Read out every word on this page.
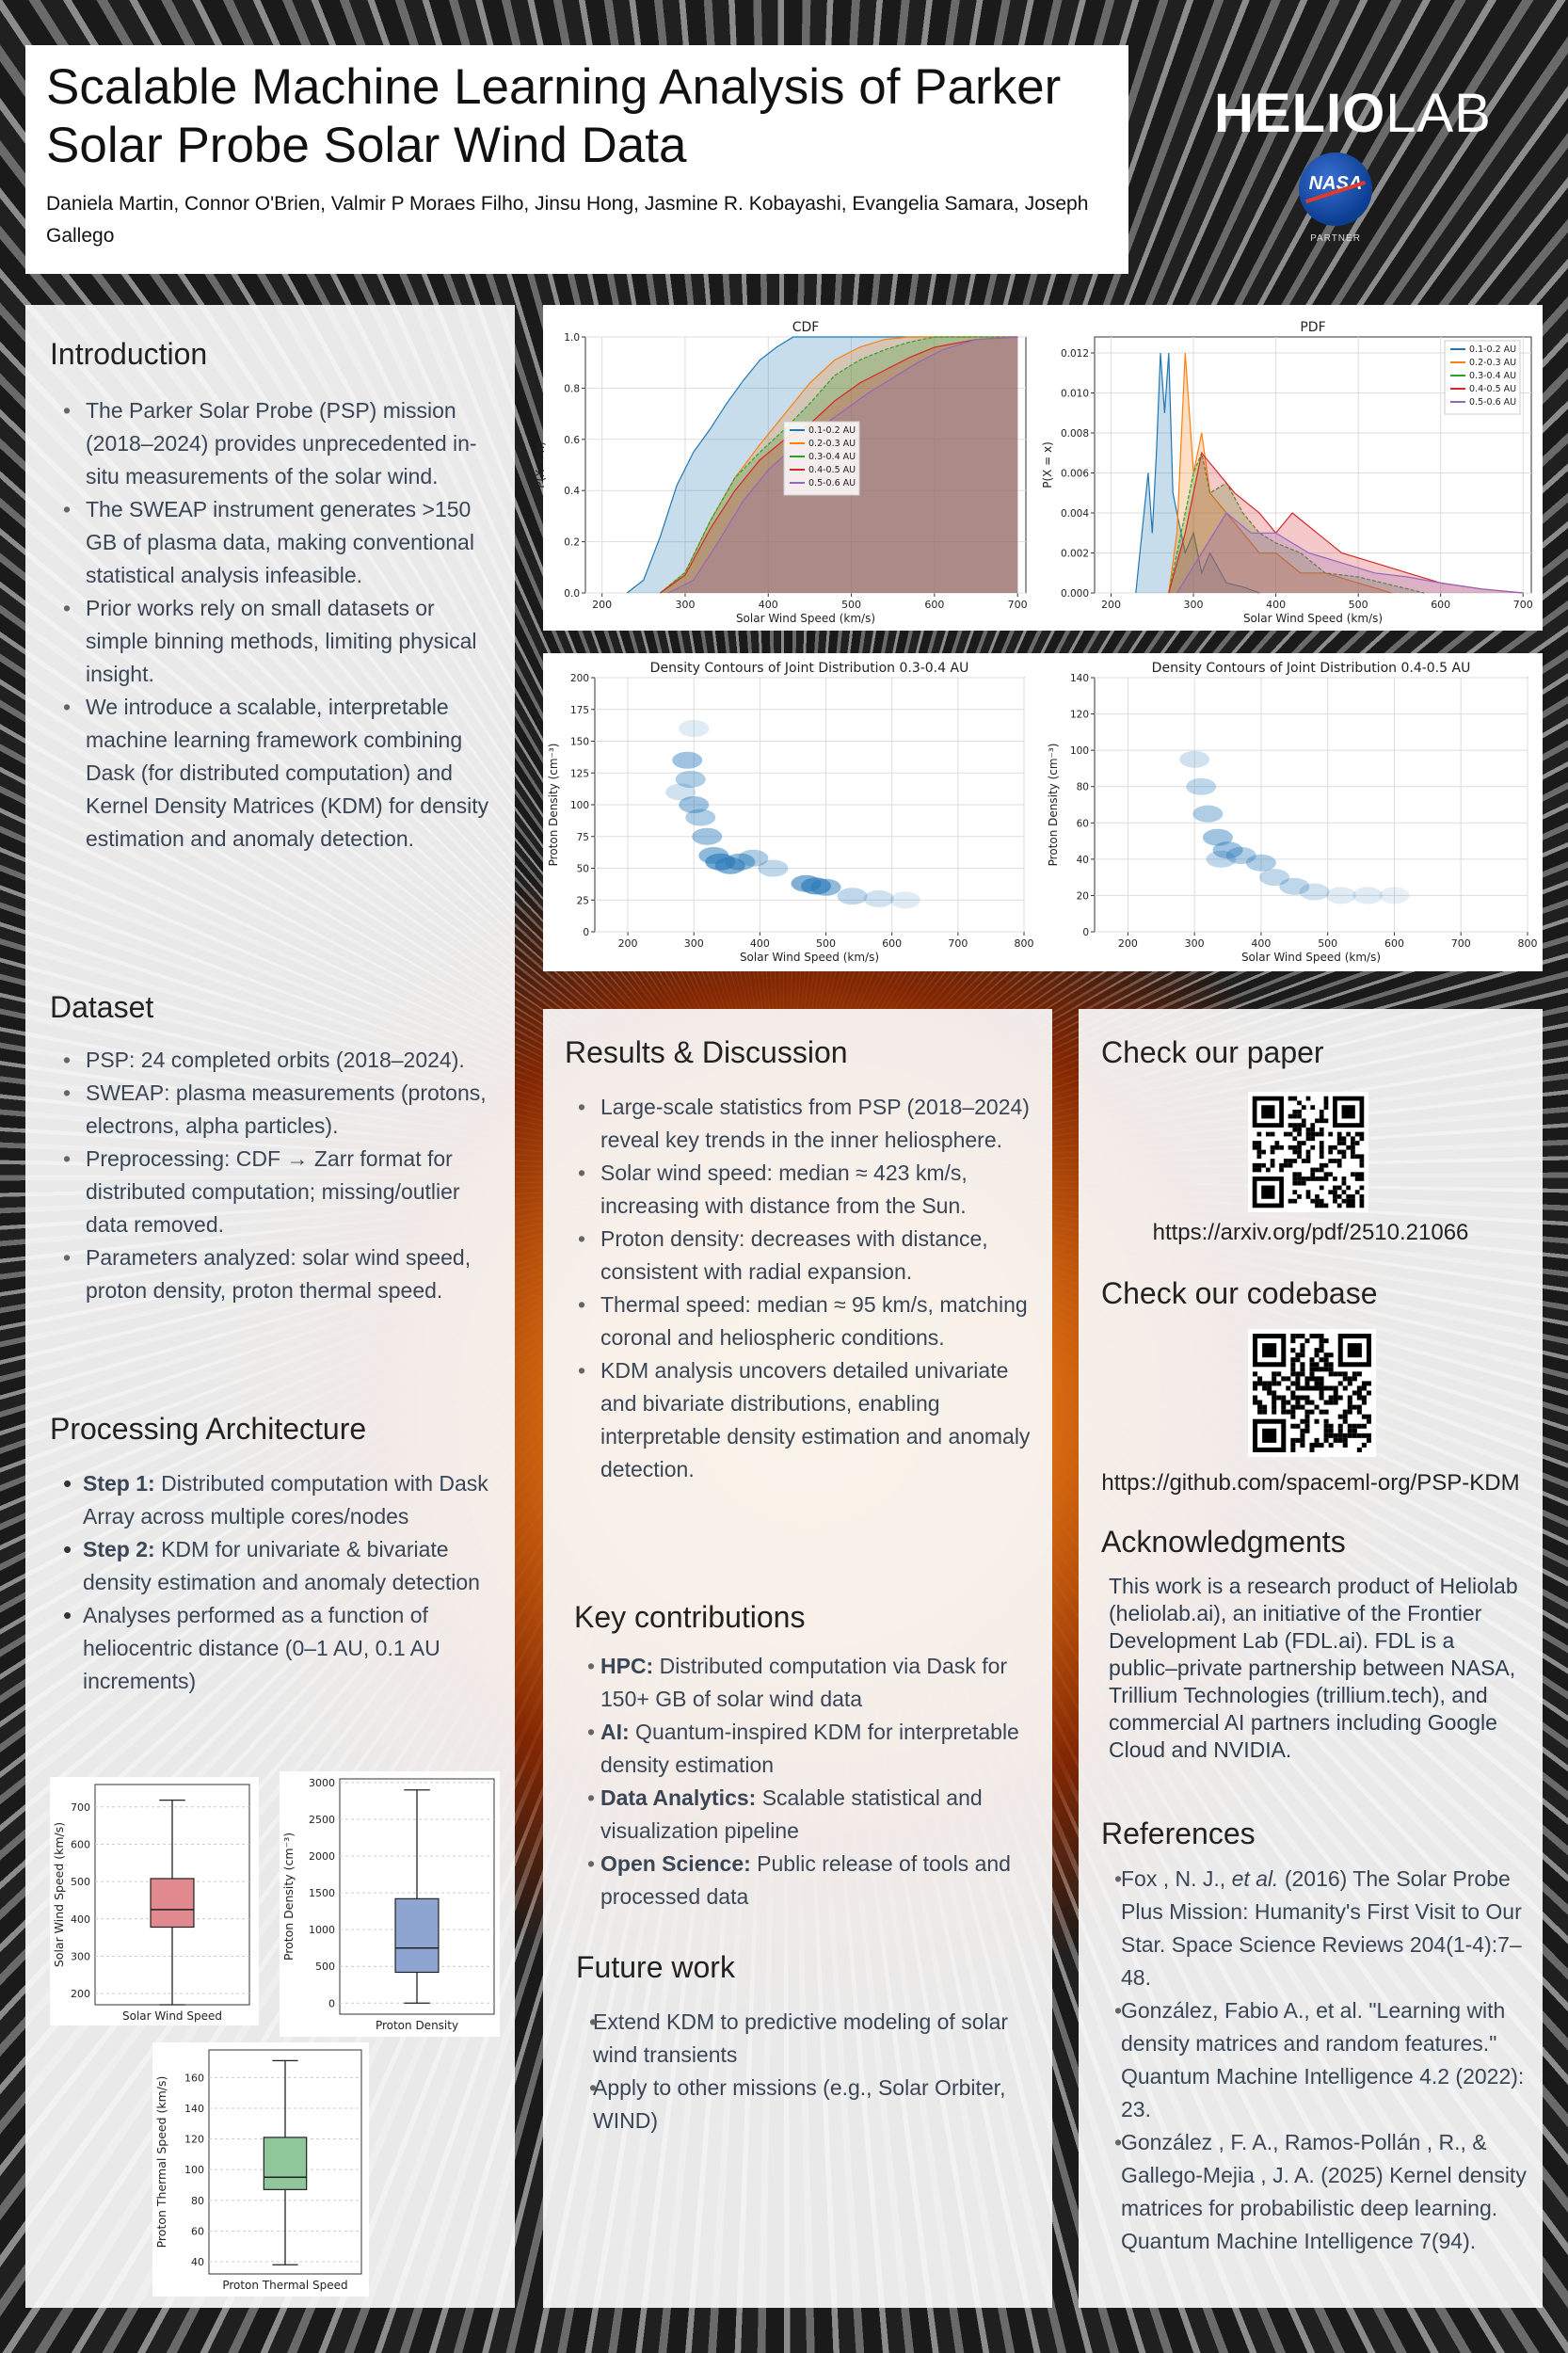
Scalable Machine Learning Analysis of Parker Solar Probe Solar Wind Data
Daniela Martin, Connor O'Brien, Valmir P Moraes Filho, Jinsu Hong, Jasmine R. Kobayashi, Evangelia Samara, Joseph Gallego
HELIOLAB
NASA
PARTNER
Introduction
• The Parker Solar Probe (PSP) mission (2018–2024) provides unprecedented in-situ measurements of the solar wind.
• The SWEAP instrument generates >150 GB of plasma data, making conventional statistical analysis infeasible.
• Prior works rely on small datasets or simple binning methods, limiting physical insight.
• We introduce a scalable, interpretable machine learning framework combining Dask (for distributed computation) and Kernel Density Matrices (KDM) for density estimation and anomaly detection.
Dataset
• PSP: 24 completed orbits (2018–2024).
• SWEAP: plasma measurements (protons, electrons, alpha particles).
• Preprocessing: CDF → Zarr format for distributed computation; missing/outlier data removed.
• Parameters analyzed: solar wind speed, proton density, proton thermal speed.
Processing Architecture
• Step 1: Distributed computation with Dask Array across multiple cores/nodes
• Step 2: KDM for univariate & bivariate density estimation and anomaly detection
• Analyses performed as a function of heliocentric distance (0–1 AU, 0.1 AU increments)
200
300
400
500
600
700
Solar Wind Speed
Solar Wind Speed (km/s)
0
500
1000
1500
2000
2500
3000
Proton Density
Proton Density (cm⁻³)
40
60
80
100
120
140
160
Proton Thermal Speed
Proton Thermal Speed (km/s)
200	300	400	500	600	700
0.0
0.2
0.4
0.6
0.8
1.0
CDF
Solar Wind Speed (km/s)
P(X < x)
0.1-0.2 AU
0.2-0.3 AU
0.3-0.4 AU
0.4-0.5 AU
0.5-0.6 AU
200	300	400	500	600	700
0.000
0.002
0.004
0.006
0.008
0.010
0.012
PDF
Solar Wind Speed (km/s)
P(X = x)
0.1-0.2 AU
0.2-0.3 AU
0.3-0.4 AU
0.4-0.5 AU
0.5-0.6 AU
200	300	400	500	600	700	800
0
25
50
75
100
125
150
175
200
Density Contours of Joint Distribution 0.3-0.4 AU
Solar Wind Speed (km/s)
Proton Density (cm⁻³)
200	300	400	500	600	700	800
0
20
40
60
80
100
120
140
Density Contours of Joint Distribution 0.4-0.5 AU
Solar Wind Speed (km/s)
Proton Density (cm⁻³)
Results & Discussion
• Large-scale statistics from PSP (2018–2024) reveal key trends in the inner heliosphere.
• Solar wind speed: median ≈ 423 km/s, increasing with distance from the Sun.
• Proton density: decreases with distance, consistent with radial expansion.
• Thermal speed: median ≈ 95 km/s, matching coronal and heliospheric conditions.
• KDM analysis uncovers detailed univariate and bivariate distributions, enabling interpretable density estimation and anomaly detection.
Key contributions
• HPC: Distributed computation via Dask for 150+ GB of solar wind data
• AI: Quantum-inspired KDM for interpretable density estimation
• Data Analytics: Scalable statistical and visualization pipeline
• Open Science: Public release of tools and processed data
Future work
• Extend KDM to predictive modeling of solar wind transients
• Apply to other missions (e.g., Solar Orbiter, WIND)
Check our paper
https://arxiv.org/pdf/2510.21066
Check our codebase
https://github.com/spaceml-org/PSP-KDM
Acknowledgments
This work is a research product of Heliolab (heliolab.ai), an initiative of the Frontier Development Lab (FDL.ai). FDL is a public–private partnership between NASA, Trillium Technologies (trillium.tech), and commercial AI partners including Google Cloud and NVIDIA.
References
• Fox , N. J., et al. (2016) The Solar Probe Plus Mission: Humanity's First Visit to Our Star. Space Science Reviews 204(1-4):7–48.
• González, Fabio A., et al. "Learning with density matrices and random features." Quantum Machine Intelligence 4.2 (2022): 23.
• González , F. A., Ramos-Pollán , R., & Gallego-Mejia , J. A. (2025) Kernel density matrices for probabilistic deep learning. Quantum Machine Intelligence 7(94).
